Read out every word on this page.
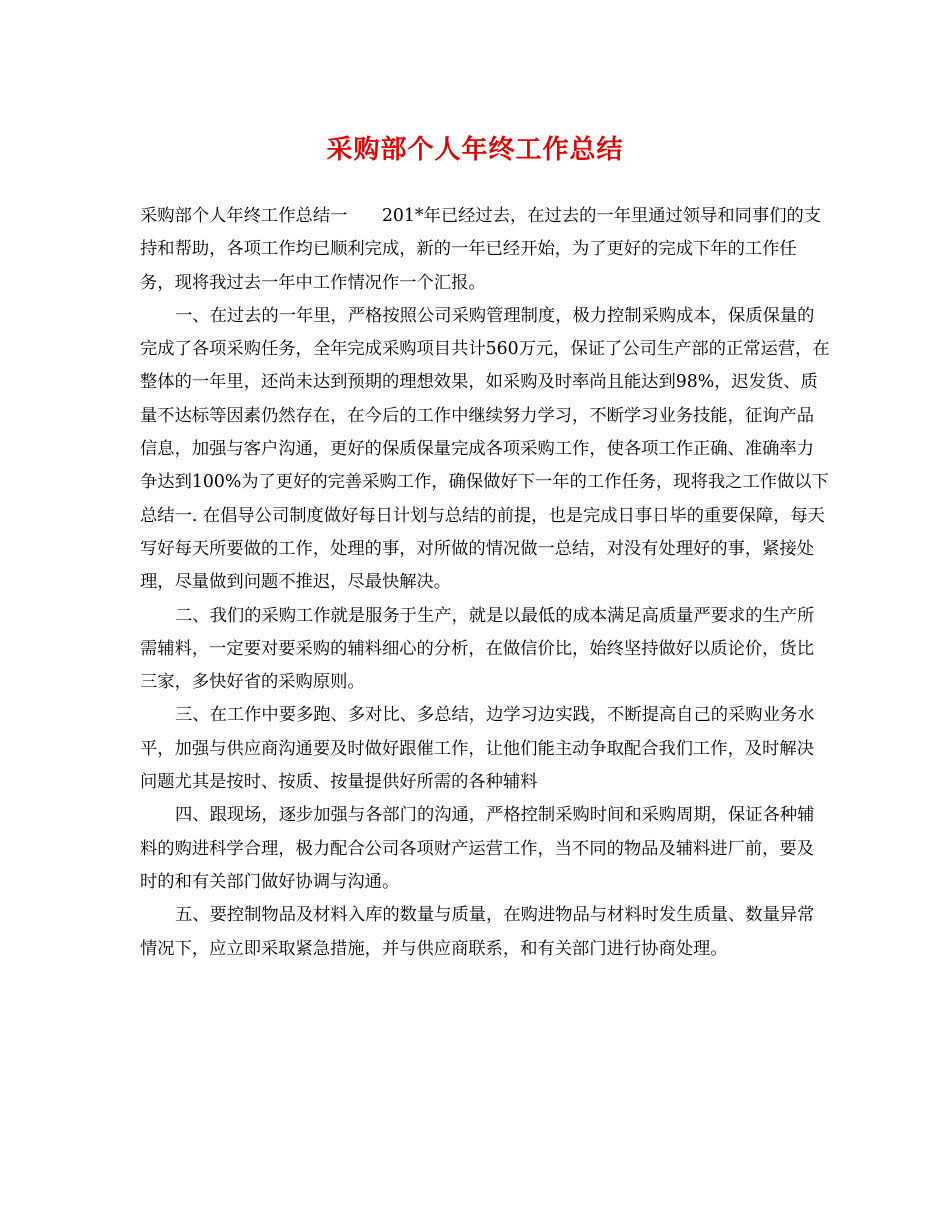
采购部个人年终工作总结

采购部个人年终工作总结一　　201*年已经过去，在过去的一年里通过领导和同事们的支持和帮助，各项工作均已顺利完成，新的一年已经开始，为了更好的完成下年的工作任务，现将我过去一年中工作情况作一个汇报。

一、在过去的一年里，严格按照公司采购管理制度，极力控制采购成本，保质保量的完成了各项采购任务，全年完成采购项目共计560万元，保证了公司生产部的正常运营，在整体的一年里，还尚未达到预期的理想效果，如采购及时率尚且能达到98%，迟发货、质量不达标等因素仍然存在，在今后的工作中继续努力学习，不断学习业务技能，征询产品信息，加强与客户沟通，更好的保质保量完成各项采购工作，使各项工作正确、准确率力争达到100%为了更好的完善采购工作，确保做好下一年的工作任务，现将我之工作做以下总结一. 在倡导公司制度做好每日计划与总结的前提，也是完成日事日毕的重要保障，每天写好每天所要做的工作，处理的事，对所做的情况做一总结，对没有处理好的事，紧接处理，尽量做到问题不推迟，尽最快解决。

二、我们的采购工作就是服务于生产，就是以最低的成本满足高质量严要求的生产所需辅料，一定要对要采购的辅料细心的分析，在做信价比，始终坚持做好以质论价，货比三家，多快好省的采购原则。

三、在工作中要多跑、多对比、多总结，边学习边实践，不断提高自己的采购业务水平，加强与供应商沟通要及时做好跟催工作，让他们能主动争取配合我们工作，及时解决问题尤其是按时、按质、按量提供好所需的各种辅料

四、跟现场，逐步加强与各部门的沟通，严格控制采购时间和采购周期，保证各种辅料的购进科学合理，极力配合公司各项财产运营工作，当不同的物品及辅料进厂前，要及时的和有关部门做好协调与沟通。

五、要控制物品及材料入库的数量与质量，在购进物品与材料时发生质量、数量异常情况下，应立即采取紧急措施，并与供应商联系，和有关部门进行协商处理。
